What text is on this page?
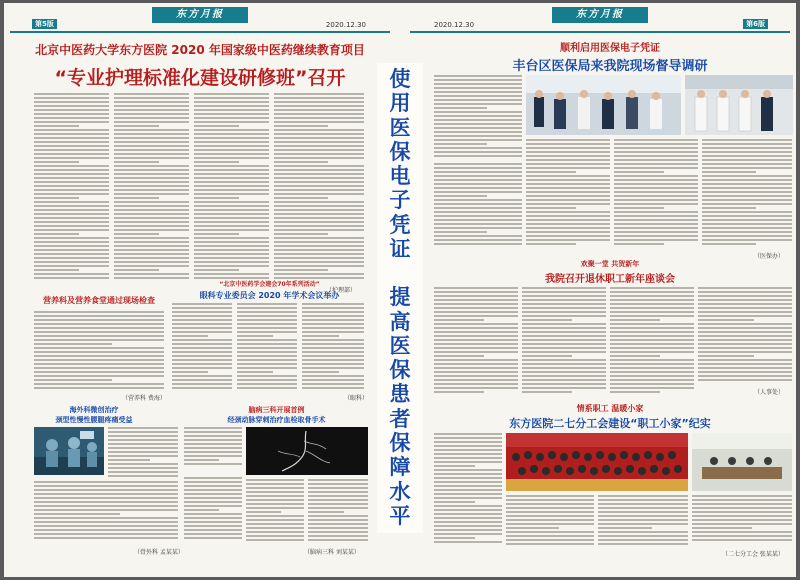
第5版
东方月报
2020.12.30
北京中医药大学东方医院 2020 年国家级中医药继续教育项目
“专业护理标准化建设研修班”召开
（护理部）
营养科及营养食堂通过现场检查
（营养科 费海）
“北京中医药学会建会70年系列活动”
眼科专业委员会 2020 年学术会议举办
（眼科）
海外科微创治疗
颈型性慢性腰腿疼痛受益
（骨外科 孟某某）
脑病三科开展首例
经颈动脉穿刺治疗血栓取骨手术
（脑病三科 刘某某）
使
用
医
保
电
子
凭
证

提
高
医
保
患
者
保
障
水
平
2020.12.30
东方月报
第6版
顺利启用医保电子凭证
丰台区医保局来我院现场督导调研
（医保办）
欢聚一堂 共贺新年
我院召开退休职工新年座谈会
（人事处）
情系职工 温暖小家
东方医院二七分工会建设“职工小家”纪实
（二七分工会 张某某）
